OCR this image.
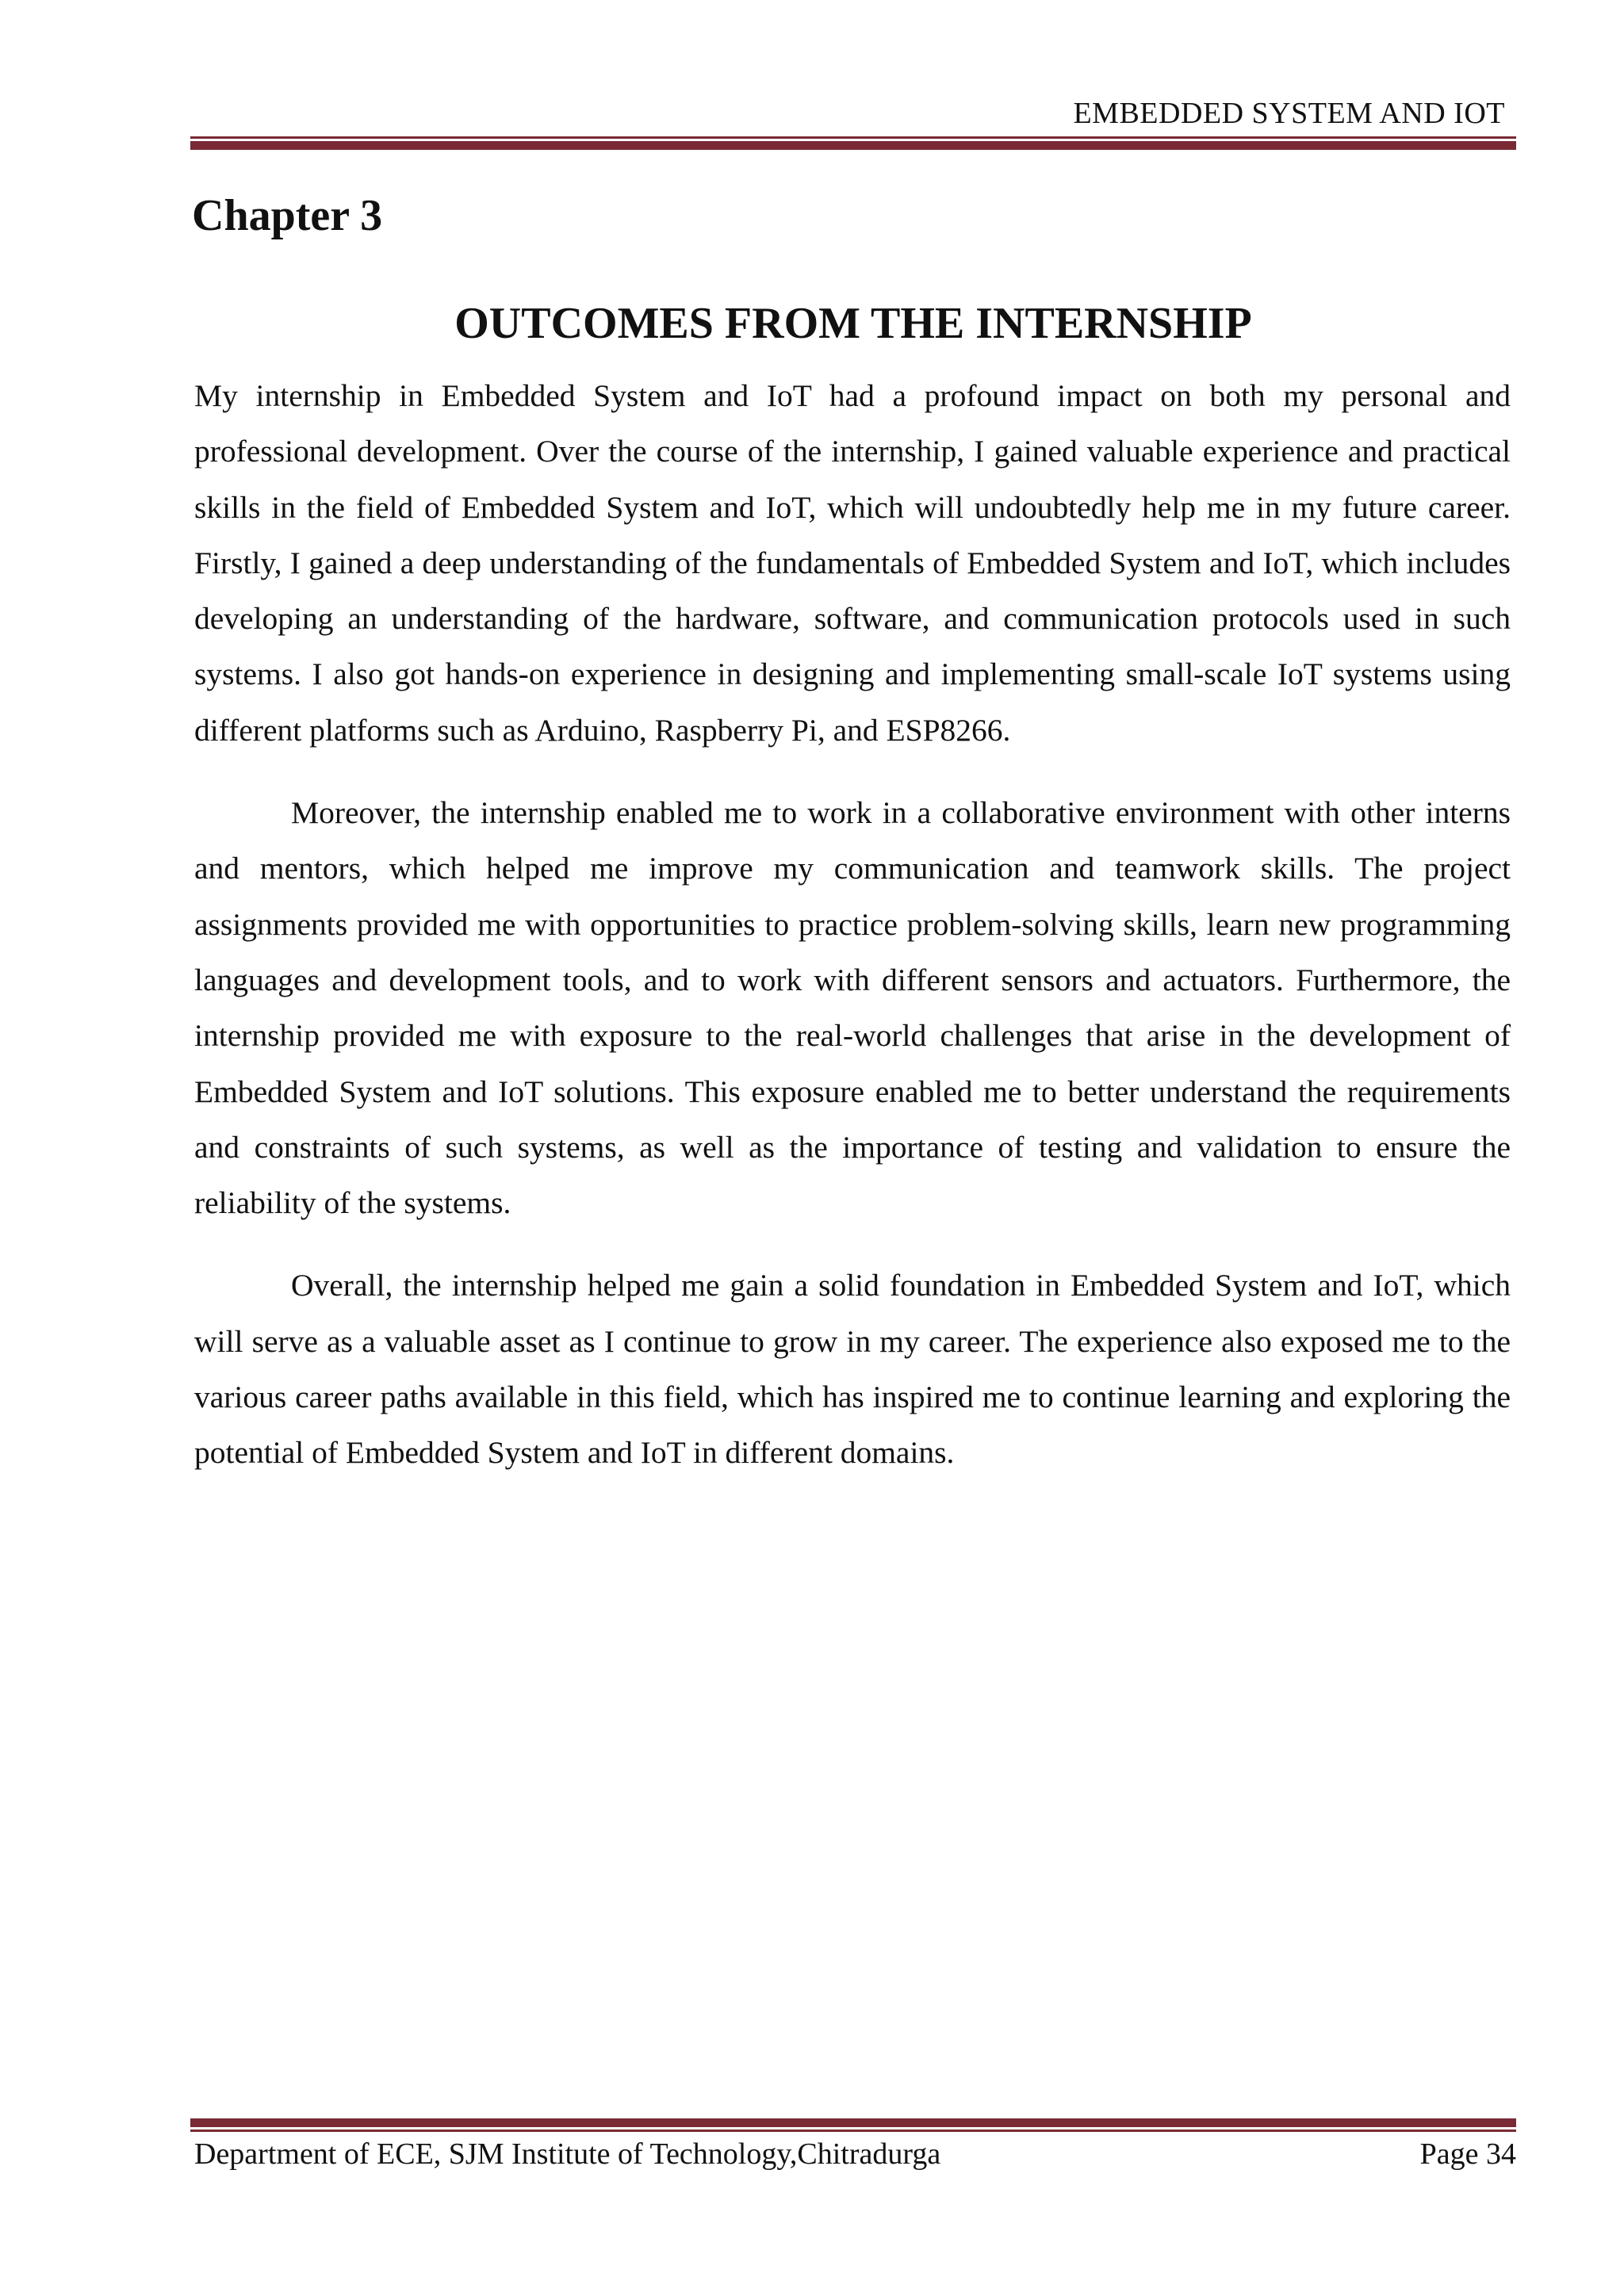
EMBEDDED SYSTEM AND IOT
Chapter 3
OUTCOMES FROM THE INTERNSHIP

My internship in Embedded System and IoT had a profound impact on both my personal and professional development. Over the course of the internship, I gained valuable experience and practical skills in the field of Embedded System and IoT, which will undoubtedly help me in my future career. Firstly, I gained a deep understanding of the fundamentals of Embedded System and IoT, which includes developing an understanding of the hardware, software, and communication protocols used in such systems. I also got hands-on experience in designing and implementing small-scale IoT systems using different platforms such as Arduino, Raspberry Pi, and ESP8266.

Moreover, the internship enabled me to work in a collaborative environment with other interns and mentors, which helped me improve my communication and teamwork skills. The project assignments provided me with opportunities to practice problem-solving skills, learn new programming languages and development tools, and to work with different sensors and actuators. Furthermore, the internship provided me with exposure to the real-world challenges that arise in the development of Embedded System and IoT solutions. This exposure enabled me to better understand the requirements and constraints of such systems, as well as the importance of testing and validation to ensure the reliability of the systems.

Overall, the internship helped me gain a solid foundation in Embedded System and IoT, which will serve as a valuable asset as I continue to grow in my career. The experience also exposed me to the various career paths available in this field, which has inspired me to continue learning and exploring the potential of Embedded System and IoT in different domains.

Department of ECE, SJM Institute of Technology,Chitradurga	Page 34
